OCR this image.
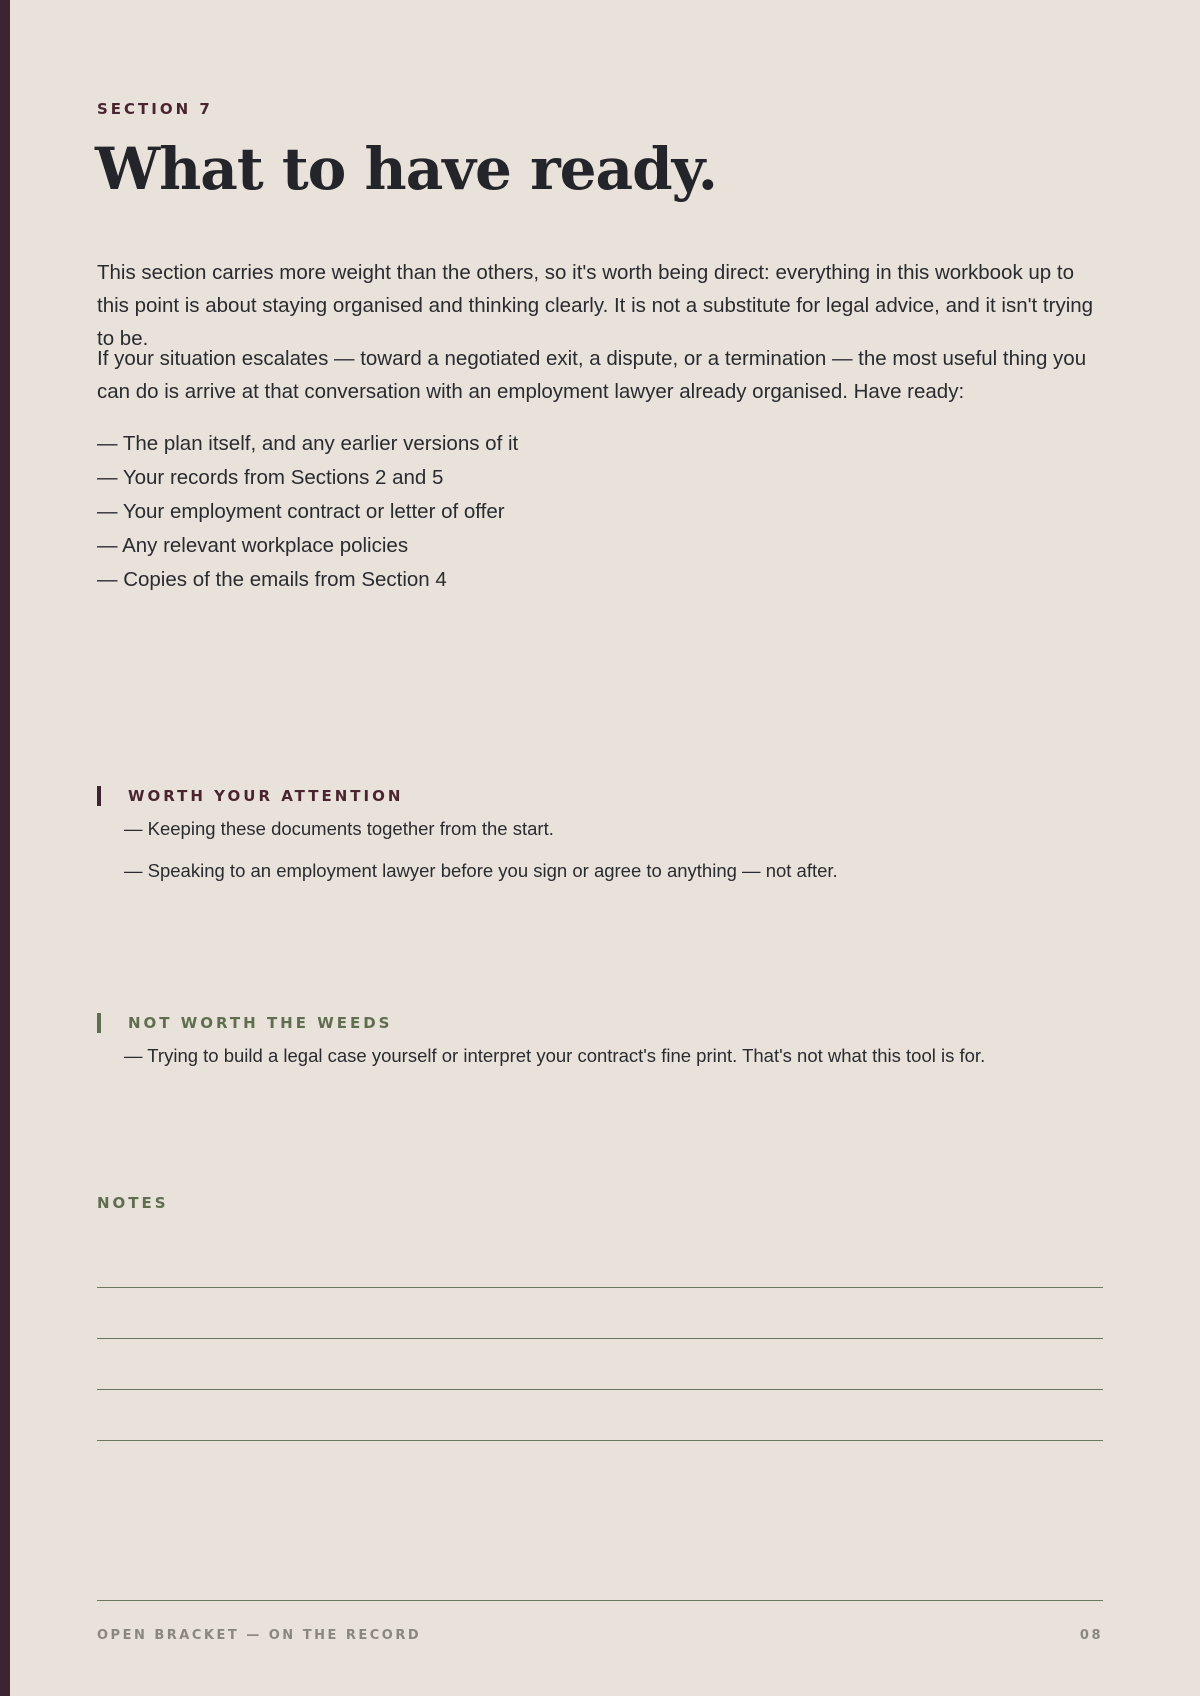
SECTION 7
What to have ready.

This section carries more weight than the others, so it's worth being direct: everything in this workbook up to this point is about staying organised and thinking clearly. It is not a substitute for legal advice, and it isn't trying to be.

If your situation escalates — toward a negotiated exit, a dispute, or a termination — the most useful thing you can do is arrive at that conversation with an employment lawyer already organised. Have ready:

— The plan itself, and any earlier versions of it
— Your records from Sections 2 and 5
— Your employment contract or letter of offer
— Any relevant workplace policies
— Copies of the emails from Section 4
WORTH YOUR ATTENTION

— Keeping these documents together from the start.

— Speaking to an employment lawyer before you sign or agree to anything — not after.

NOT WORTH THE WEEDS

— Trying to build a legal case yourself or interpret your contract's fine print. That's not what this tool is for.

NOTES
OPEN BRACKET — ON THE RECORD	08
